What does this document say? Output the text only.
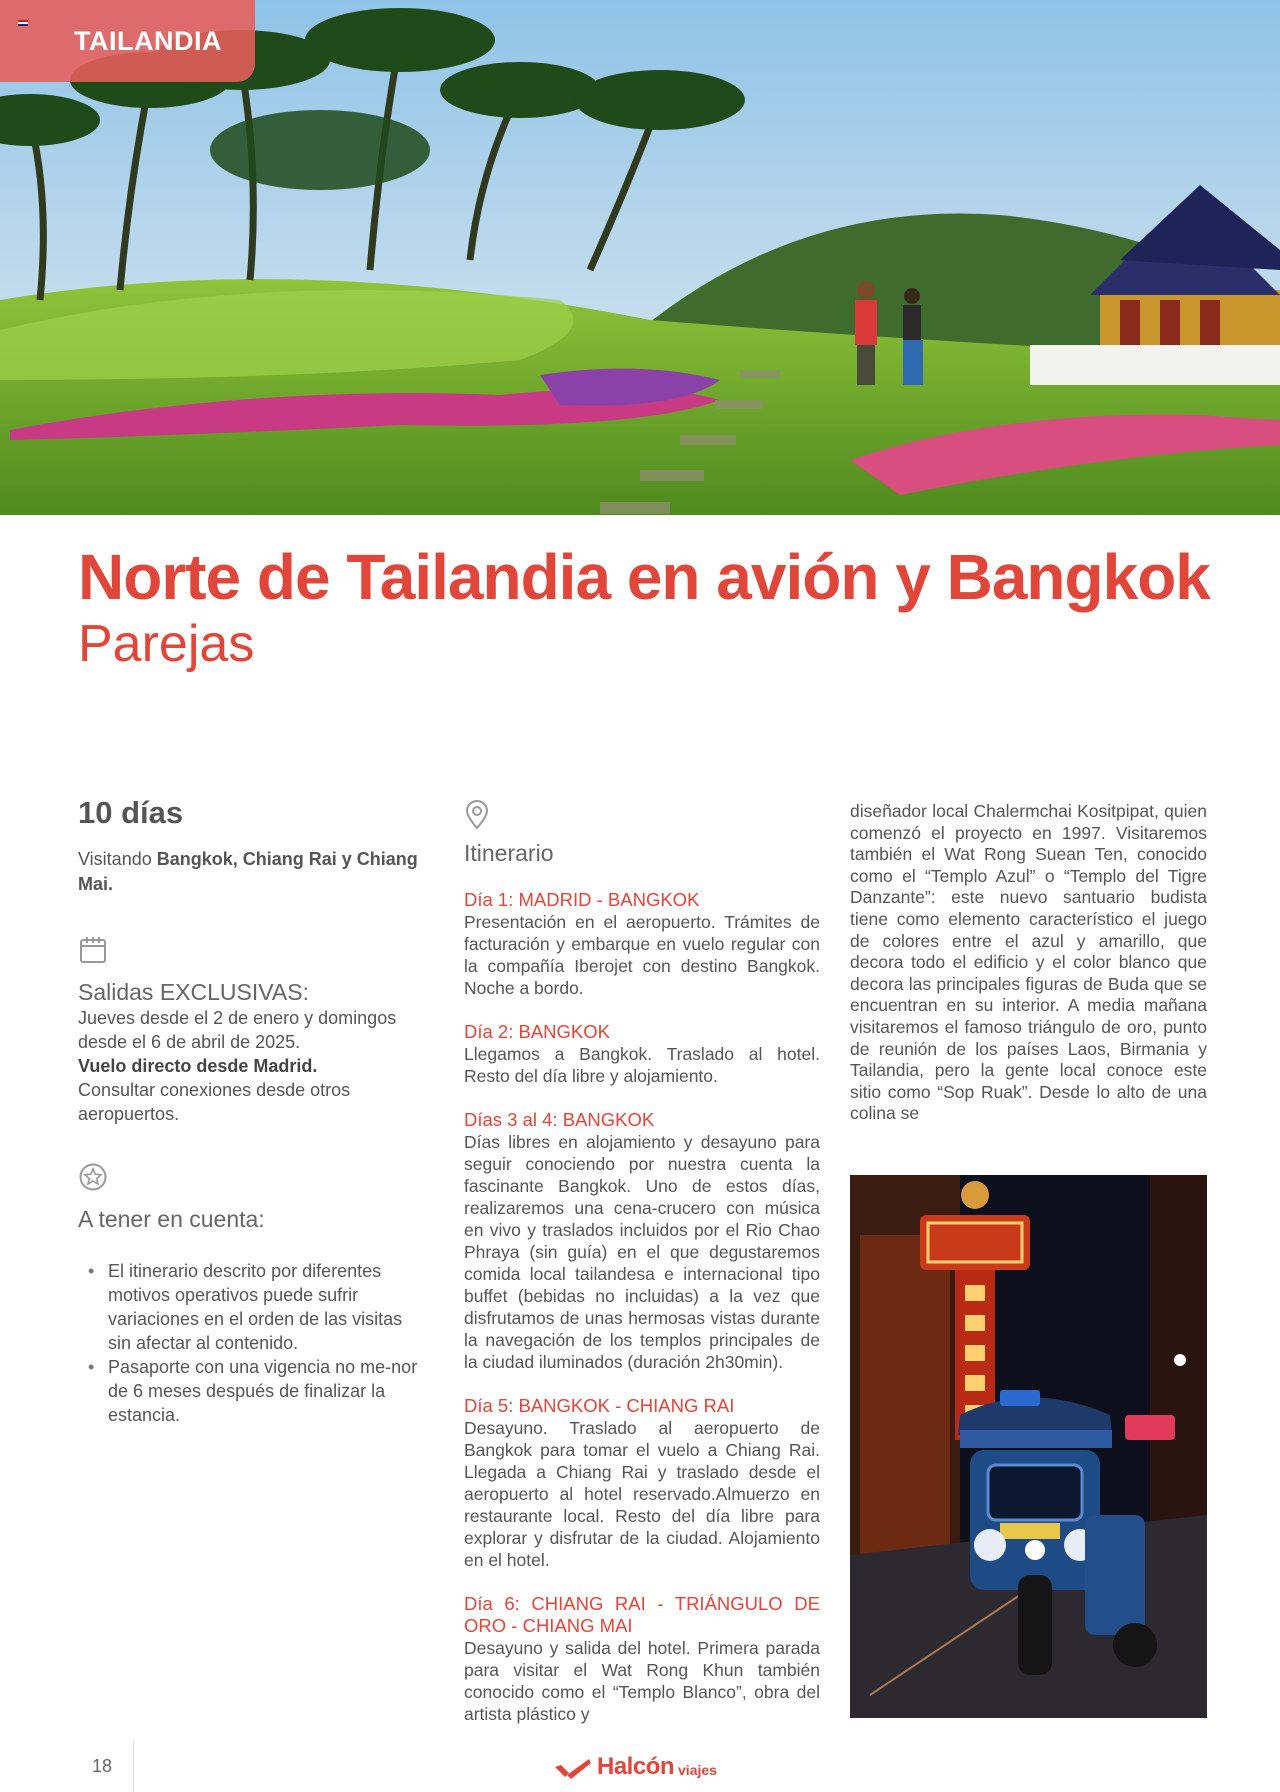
TAILANDIA
Norte de Tailandia en avión y Bangkok
Parejas
10 días
Visitando Bangkok, Chiang Rai y Chiang Mai.
Salidas EXCLUSIVAS:
Jueves desde el 2 de enero y domingos desde el 6 de abril de 2025.
Vuelo directo desde Madrid.
Consultar conexiones desde otros aeropuertos.
A tener en cuenta:
• El itinerario descrito por diferentes motivos operativos puede sufrir variaciones en el orden de las visitas sin afectar al contenido.
• Pasaporte con una vigencia no me-nor de 6 meses después de finalizar la estancia.
Itinerario
Día 1: MADRID - BANGKOK
Presentación en el aeropuerto. Trámites de facturación y embarque en vuelo regular con la compañía Iberojet con destino Bangkok. Noche a bordo.
Día 2: BANGKOK
Llegamos a Bangkok. Traslado al hotel. Resto del día libre y alojamiento.
Días 3 al 4: BANGKOK
Días libres en alojamiento y desayuno para seguir conociendo por nuestra cuenta la fascinante Bangkok. Uno de estos días, realizaremos una cena-crucero con música en vivo y traslados incluidos por el Rio Chao Phraya (sin guía) en el que degustaremos comida local tailandesa e internacional tipo buffet (bebidas no incluidas) a la vez que disfrutamos de unas hermosas vistas durante la navegación de los templos principales de la ciudad iluminados (duración 2h30min).
Día 5: BANGKOK - CHIANG RAI
Desayuno. Traslado al aeropuerto de Bangkok para tomar el vuelo a Chiang Rai. Llegada a Chiang Rai y traslado desde el aeropuerto al hotel reservado.Almuerzo en restaurante local. Resto del día libre para explorar y disfrutar de la ciudad. Alojamiento en el hotel.
Día 6: CHIANG RAI - TRIÁNGULO DE ORO - CHIANG MAI
Desayuno y salida del hotel. Primera parada para visitar el Wat Rong Khun también conocido como el “Templo Blanco”, obra del artista plástico y
diseñador local Chalermchai Kositpipat, quien comenzó el proyecto en 1997. Visitaremos también el Wat Rong Suean Ten, conocido como el “Templo Azul” o “Templo del Tigre Danzante”: este nuevo santuario budista tiene como elemento característico el juego de colores entre el azul y amarillo, que decora todo el edificio y el color blanco que decora las principales figuras de Buda que se encuentran en su interior. A media mañana visitaremos el famoso triángulo de oro, punto de reunión de los países Laos, Birmania y Tailandia, pero la gente local conoce este sitio como “Sop Ruak”. Desde lo alto de una colina se
18	Halcón viajes
